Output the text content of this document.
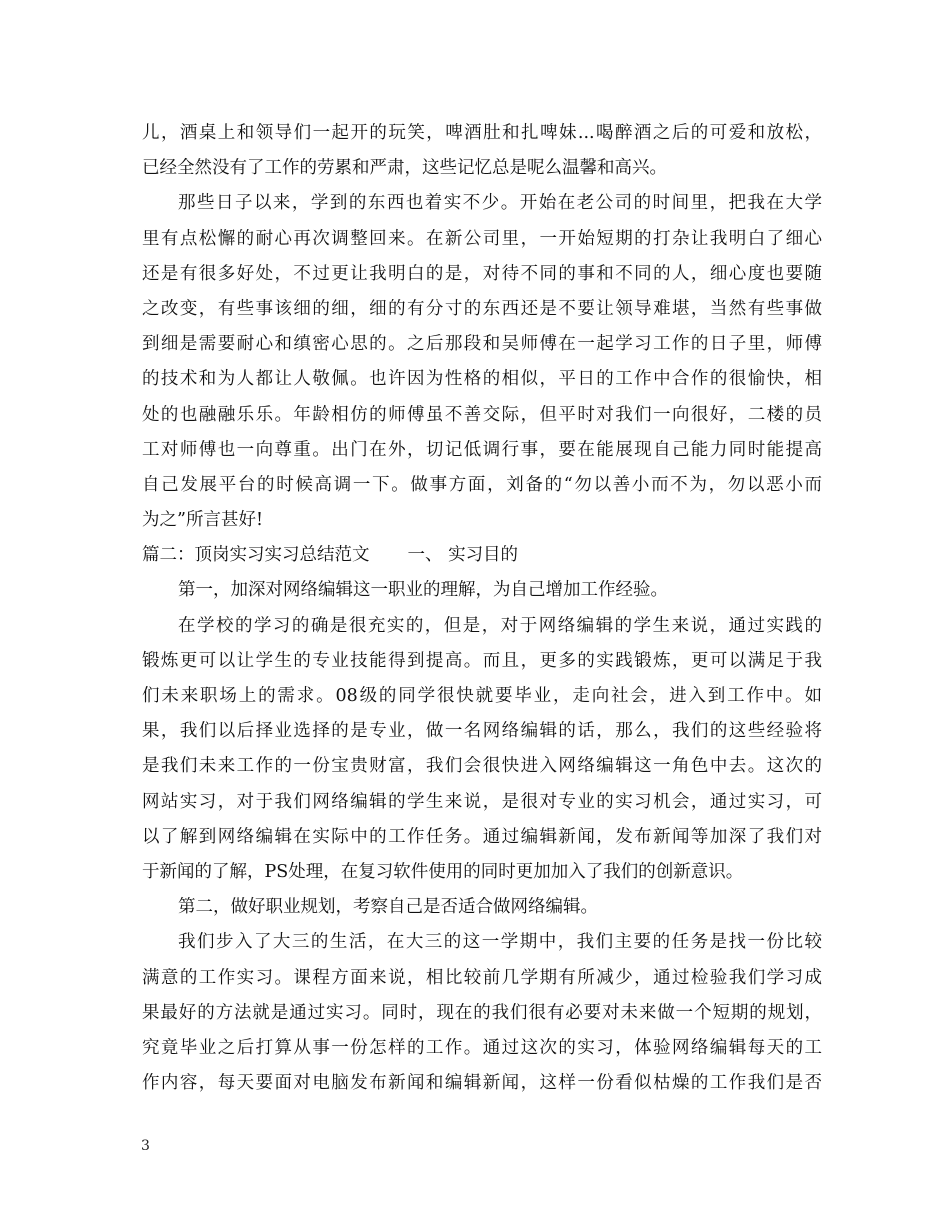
儿，酒桌上和领导们一起开的玩笑，啤酒肚和扎啤妹...喝醉酒之后的可爱和放松，
已经全然没有了工作的劳累和严肃，这些记忆总是呢么温馨和高兴。
那些日子以来，学到的东西也着实不少。开始在老公司的时间里，把我在大学
里有点松懈的耐心再次调整回来。在新公司里，一开始短期的打杂让我明白了细心
还是有很多好处，不过更让我明白的是，对待不同的事和不同的人，细心度也要随
之改变，有些事该细的细，细的有分寸的东西还是不要让领导难堪，当然有些事做
到细是需要耐心和缜密心思的。之后那段和吴师傅在一起学习工作的日子里，师傅
的技术和为人都让人敬佩。也许因为性格的相似，平日的工作中合作的很愉快，相
处的也融融乐乐。年龄相仿的师傅虽不善交际，但平时对我们一向很好，二楼的员
工对师傅也一向尊重。出门在外，切记低调行事，要在能展现自己能力同时能提高
自己发展平台的时候高调一下。做事方面，刘备的“勿以善小而不为，勿以恶小而
为之”所言甚好!
篇二：顶岗实习实习总结范文 一、 实习目的
第一，加深对网络编辑这一职业的理解，为自己增加工作经验。
在学校的学习的确是很充实的，但是，对于网络编辑的学生来说，通过实践的
锻炼更可以让学生的专业技能得到提高。而且，更多的实践锻炼，更可以满足于我
们未来职场上的需求。08级的同学很快就要毕业，走向社会，进入到工作中。如
果，我们以后择业选择的是专业，做一名网络编辑的话，那么，我们的这些经验将
是我们未来工作的一份宝贵财富，我们会很快进入网络编辑这一角色中去。这次的
网站实习，对于我们网络编辑的学生来说，是很对专业的实习机会，通过实习，可
以了解到网络编辑在实际中的工作任务。通过编辑新闻，发布新闻等加深了我们对
于新闻的了解，PS处理，在复习软件使用的同时更加加入了我们的创新意识。
第二，做好职业规划，考察自己是否适合做网络编辑。
我们步入了大三的生活，在大三的这一学期中，我们主要的任务是找一份比较
满意的工作实习。课程方面来说，相比较前几学期有所减少，通过检验我们学习成
果最好的方法就是通过实习。同时，现在的我们很有必要对未来做一个短期的规划，
究竟毕业之后打算从事一份怎样的工作。通过这次的实习，体验网络编辑每天的工
作内容，每天要面对电脑发布新闻和编辑新闻，这样一份看似枯燥的工作我们是否
3
